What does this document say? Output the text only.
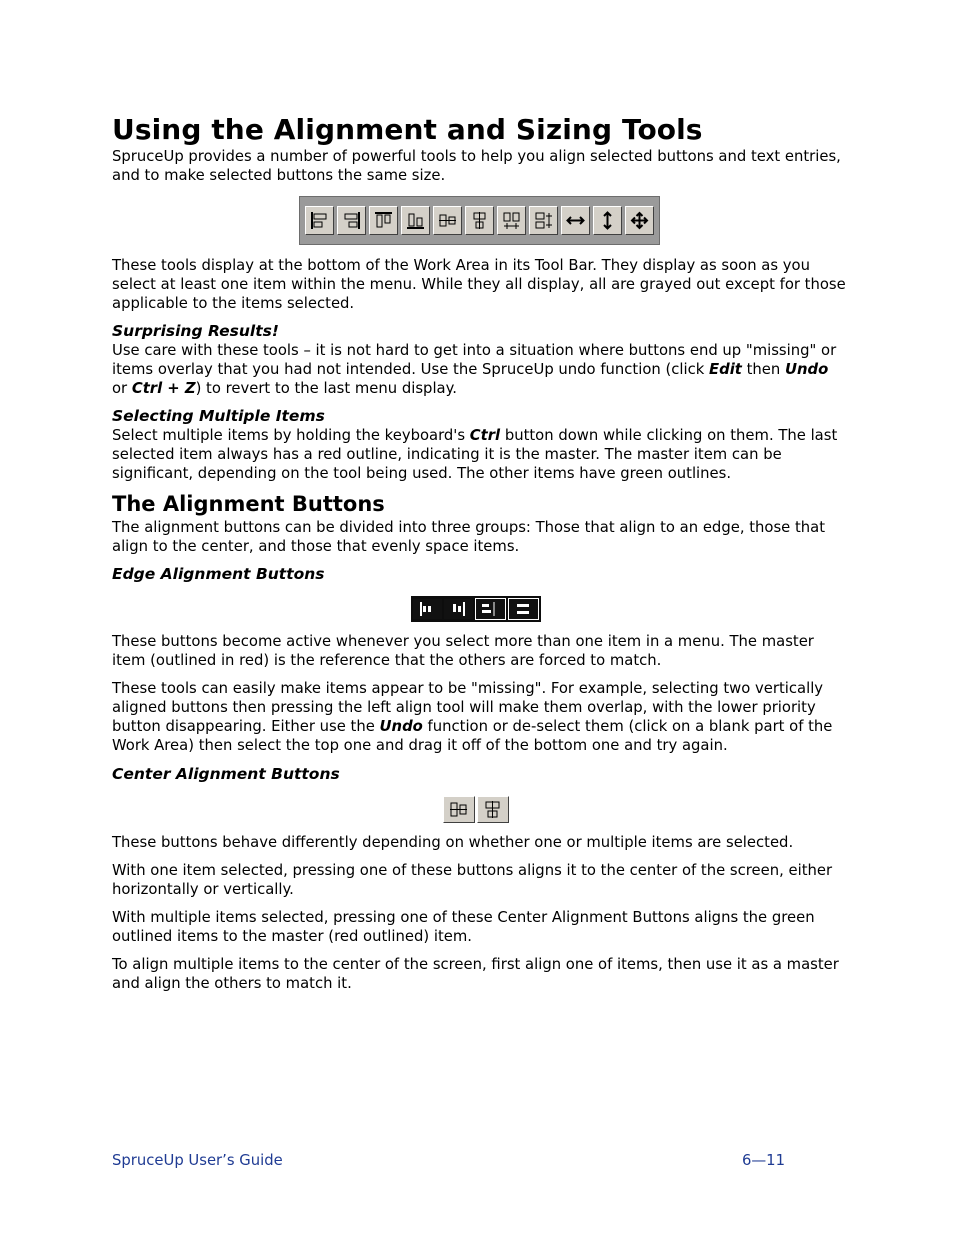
Using the Alignment and Sizing Tools

SpruceUp provides a number of powerful tools to help you align selected buttons and text entries, and to make selected buttons the same size.

These tools display at the bottom of the Work Area in its Tool Bar. They display as soon as you select at least one item within the menu. While they all display, all are grayed out except for those applicable to the items selected.

Surprising Results!

Use care with these tools – it is not hard to get into a situation where buttons end up "missing" or items overlay that you had not intended. Use the SpruceUp undo function (click Edit then Undo or Ctrl + Z) to revert to the last menu display.

Selecting Multiple Items

Select multiple items by holding the keyboard's Ctrl button down while clicking on them. The last selected item always has a red outline, indicating it is the master. The master item can be significant, depending on the tool being used. The other items have green outlines.

The Alignment Buttons

The alignment buttons can be divided into three groups: Those that align to an edge, those that align to the center, and those that evenly space items.

Edge Alignment Buttons

These buttons become active whenever you select more than one item in a menu. The master item (outlined in red) is the reference that the others are forced to match.

These tools can easily make items appear to be "missing". For example, selecting two vertically aligned buttons then pressing the left align tool will make them overlap, with the lower priority button disappearing. Either use the Undo function or de-select them (click on a blank part of the Work Area) then select the top one and drag it off of the bottom one and try again.

Center Alignment Buttons

These buttons behave differently depending on whether one or multiple items are selected.

With one item selected, pressing one of these buttons aligns it to the center of the screen, either horizontally or vertically.

With multiple items selected, pressing one of these Center Alignment Buttons aligns the green outlined items to the master (red outlined) item.

To align multiple items to the center of the screen, first align one of items, then use it as a master and align the others to match it.

SpruceUp User’s Guide	6—11
